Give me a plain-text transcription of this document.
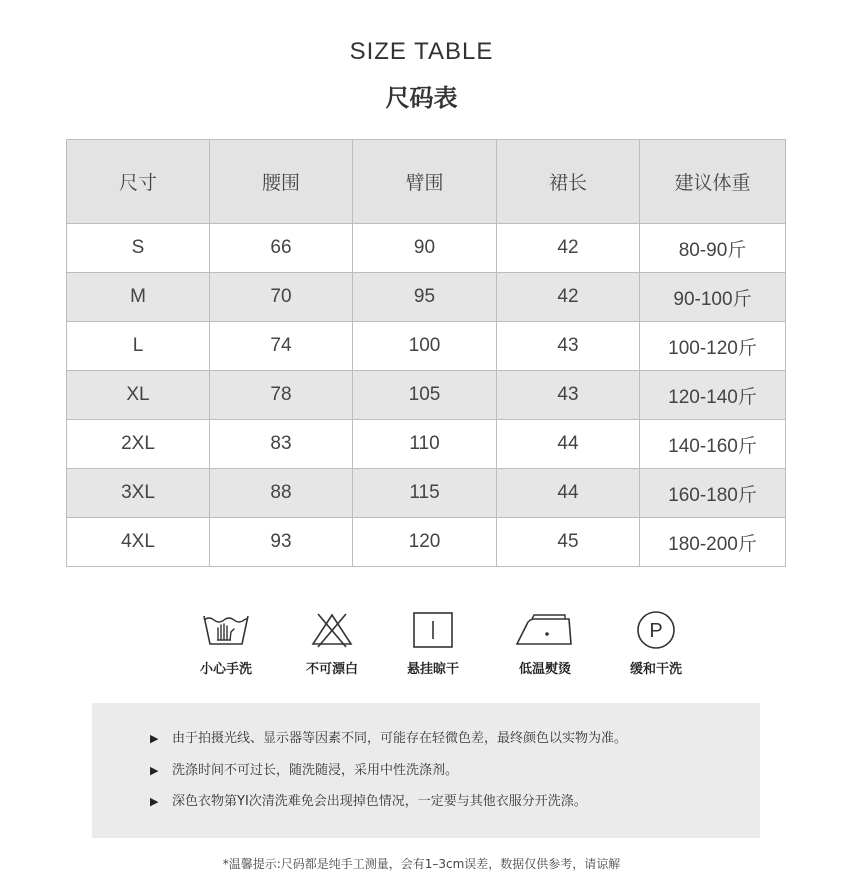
SIZE TABLE
尺码表
尺寸	腰围	臂围	裙长	建议体重
S	66	90	42	80-90斤
M	70	95	42	90-100斤
L	74	100	43	100-120斤
XL	78	105	43	120-140斤
2XL	83	110	44	140-160斤
3XL	88	115	44	160-180斤
4XL	93	120	45	180-200斤
小心手洗	不可漂白	悬挂晾干	低温熨烫
P
缓和干洗
▶ 由于拍摄光线、显示器等因素不同，可能存在轻微色差，最终颜色以实物为准。
▶ 洗涤时间不可过长，随洗随浸，采用中性洗涤剂。
▶ 深色衣物第YI次清洗难免会出现掉色情况，一定要与其他衣服分开洗涤。
*温馨提示:尺码都是纯手工测量，会有1–3cm误差，数据仅供参考，请谅解
